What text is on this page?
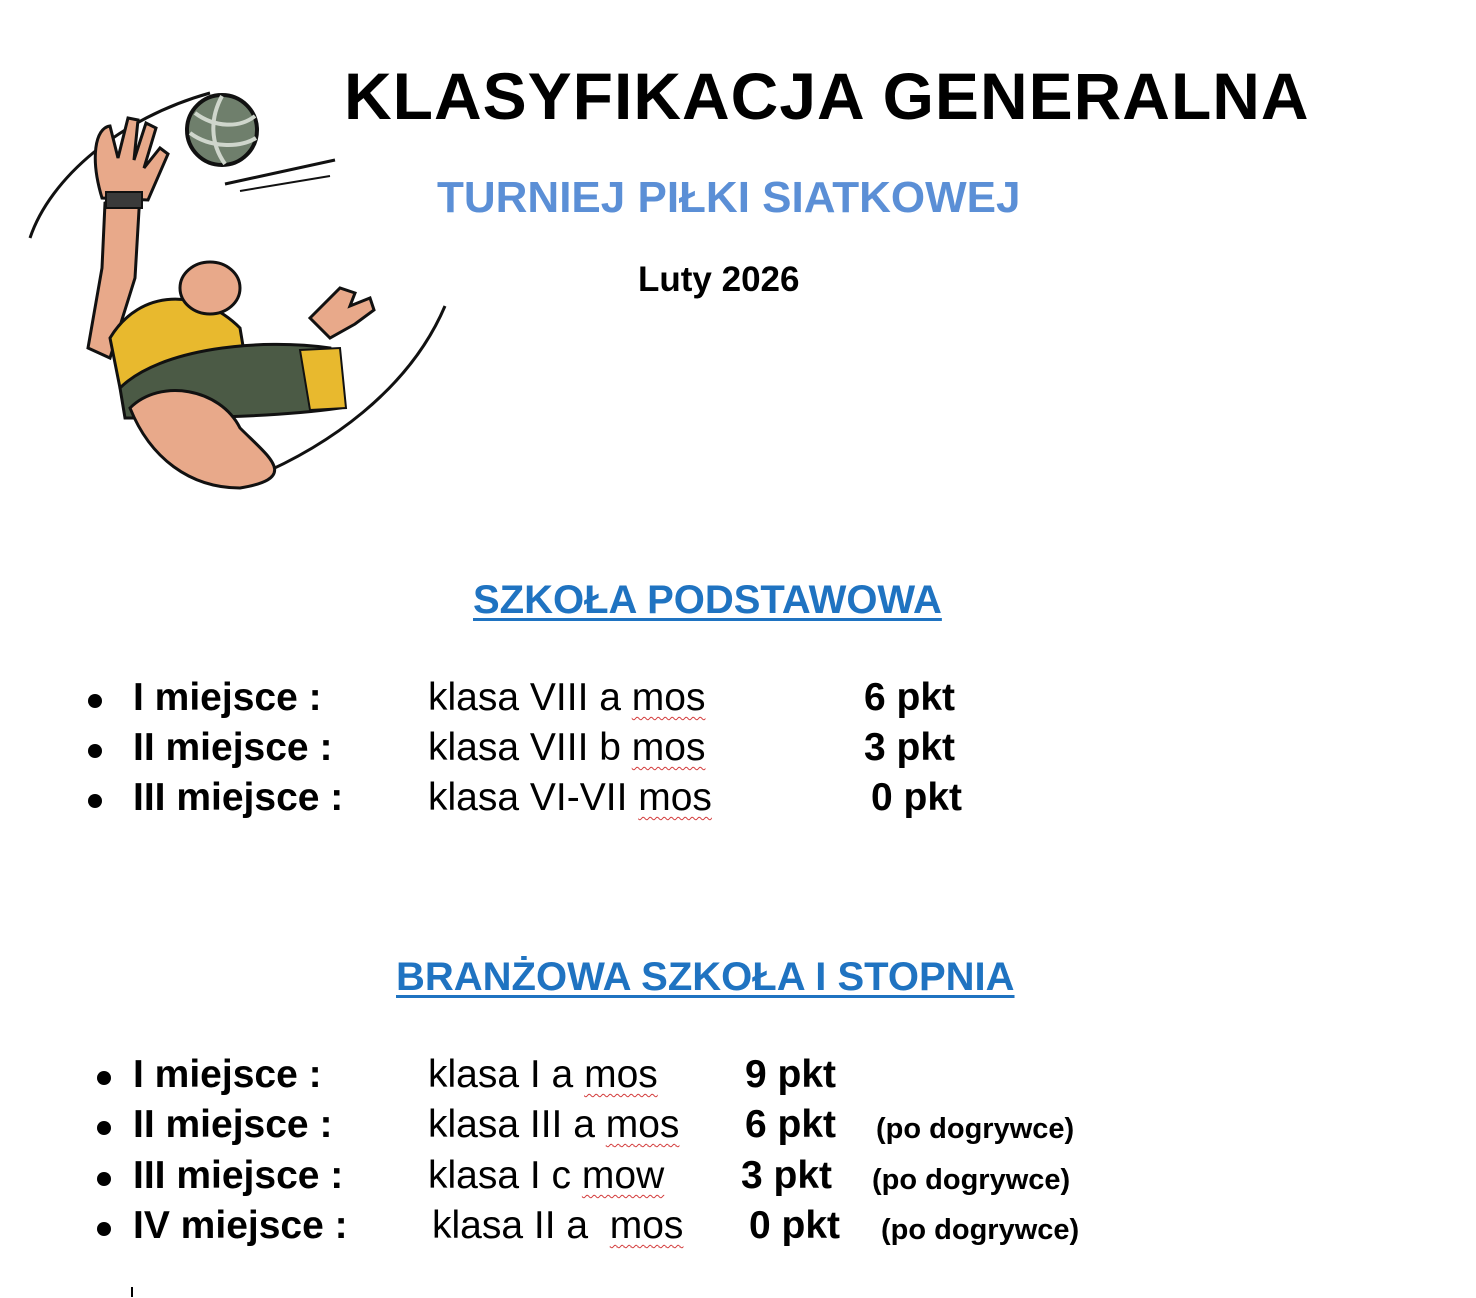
KLASYFIKACJA GENERALNA
TURNIEJ PIŁKI SIATKOWEJ
Luty 2026
SZKOŁA PODSTAWOWA
I miejsce :	klasa VIII a mos	6 pkt
II miejsce : klasa VIII b mos	3 pkt
III miejsce : klasa VI-VII mos	0 pkt
BRANŻOWA SZKOŁA I STOPNIA
I miejsce :	klasa I a mos 9 pkt
II miejsce : klasa III a mos 6 pkt (po dogrywce)
III miejsce : klasa I c mow 3 pkt (po dogrywce)
IV miejsce : klasa II a  mos 0 pkt (po dogrywce)
